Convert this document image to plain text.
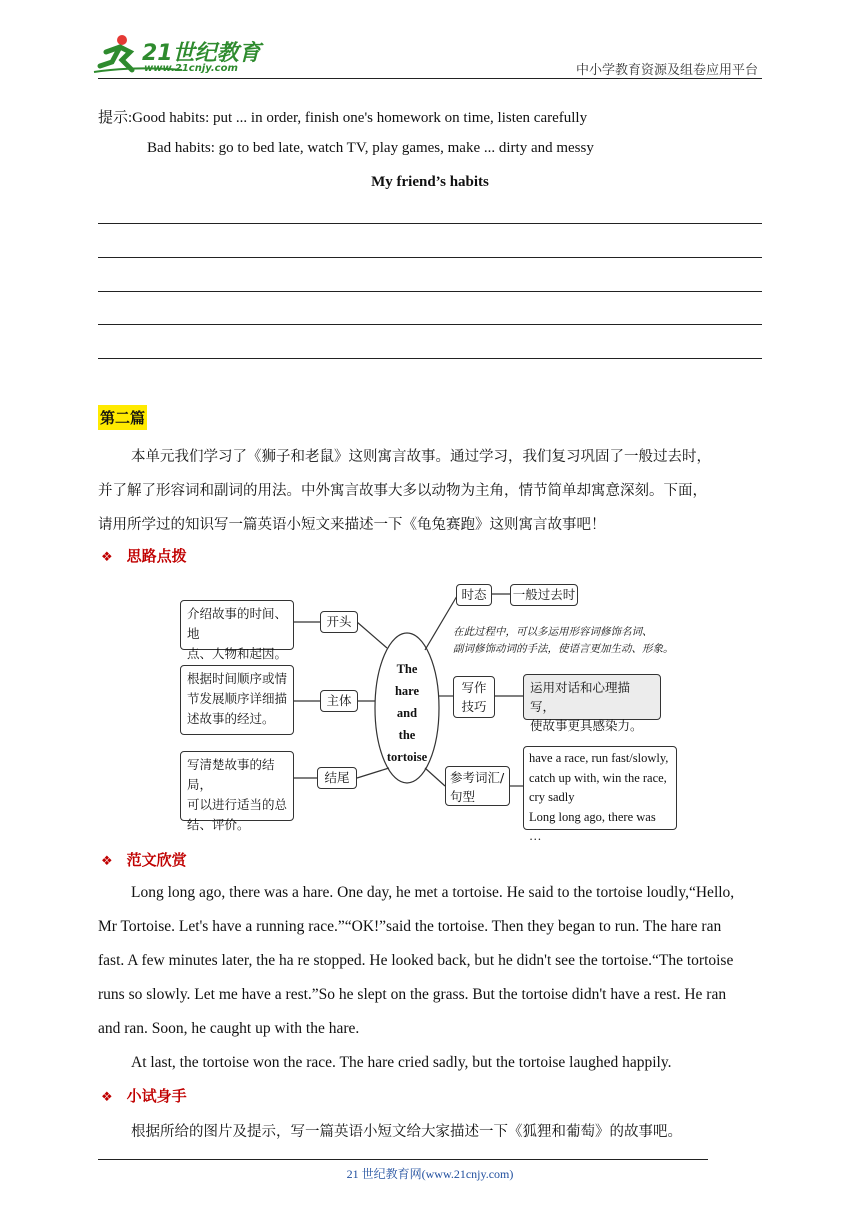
21世纪教育
www.21cnjy.com	中小学教育资源及组卷应用平台
提示:Good habits: put ... in order, finish one's homework on time, listen carefully
Bad habits: go to bed late, watch TV, play games, make ... dirty and messy
My friend’s habits
第二篇
本单元我们学习了《狮子和老鼠》这则寓言故事。通过学习，我们复习巩固了一般过去时，
并了解了形容词和副词的用法。中外寓言故事大多以动物为主角，情节简单却寓意深刻。下面，
请用所学过的知识写一篇英语小短文来描述一下《龟兔赛跑》这则寓言故事吧！
❖ 思路点拨
The
hare
and
the
tortoise
介绍故事的时间、地
点、人物和起因。
开头
根据时间顺序或情
节发展顺序详细描
述故事的经过。
主体
写清楚故事的结局，
可以进行适当的总
结、评价。
结尾
时态	一般过去时
在此过程中，可以多运用形容词修饰名词、
副词修饰动词的手法，使语言更加生动、形象。
写作
技巧
运用对话和心理描写，
使故事更具感染力。
参考词汇/
句型
have a race, run fast/slowly,
catch up with, win the race,
cry sadly
Long long ago, there was …
❖ 范文欣赏
Long long ago, there was a hare. One day, he met a tortoise. He said to the tortoise loudly,“Hello,
Mr Tortoise. Let's have a running race.”“OK!”said the tortoise. Then they began to run. The hare ran
fast. A few minutes later, the ha re stopped. He looked back, but he didn't see the tortoise.“The tortoise
runs so slowly. Let me have a rest.”So he slept on the grass. But the tortoise didn't have a rest. He ran
and ran. Soon, he caught up with the hare.
At last, the tortoise won the race. The hare cried sadly, but the tortoise laughed happily.
❖ 小试身手
根据所给的图片及提示，写一篇英语小短文给大家描述一下《狐狸和葡萄》的故事吧。
21 世纪教育网(www.21cnjy.com)
